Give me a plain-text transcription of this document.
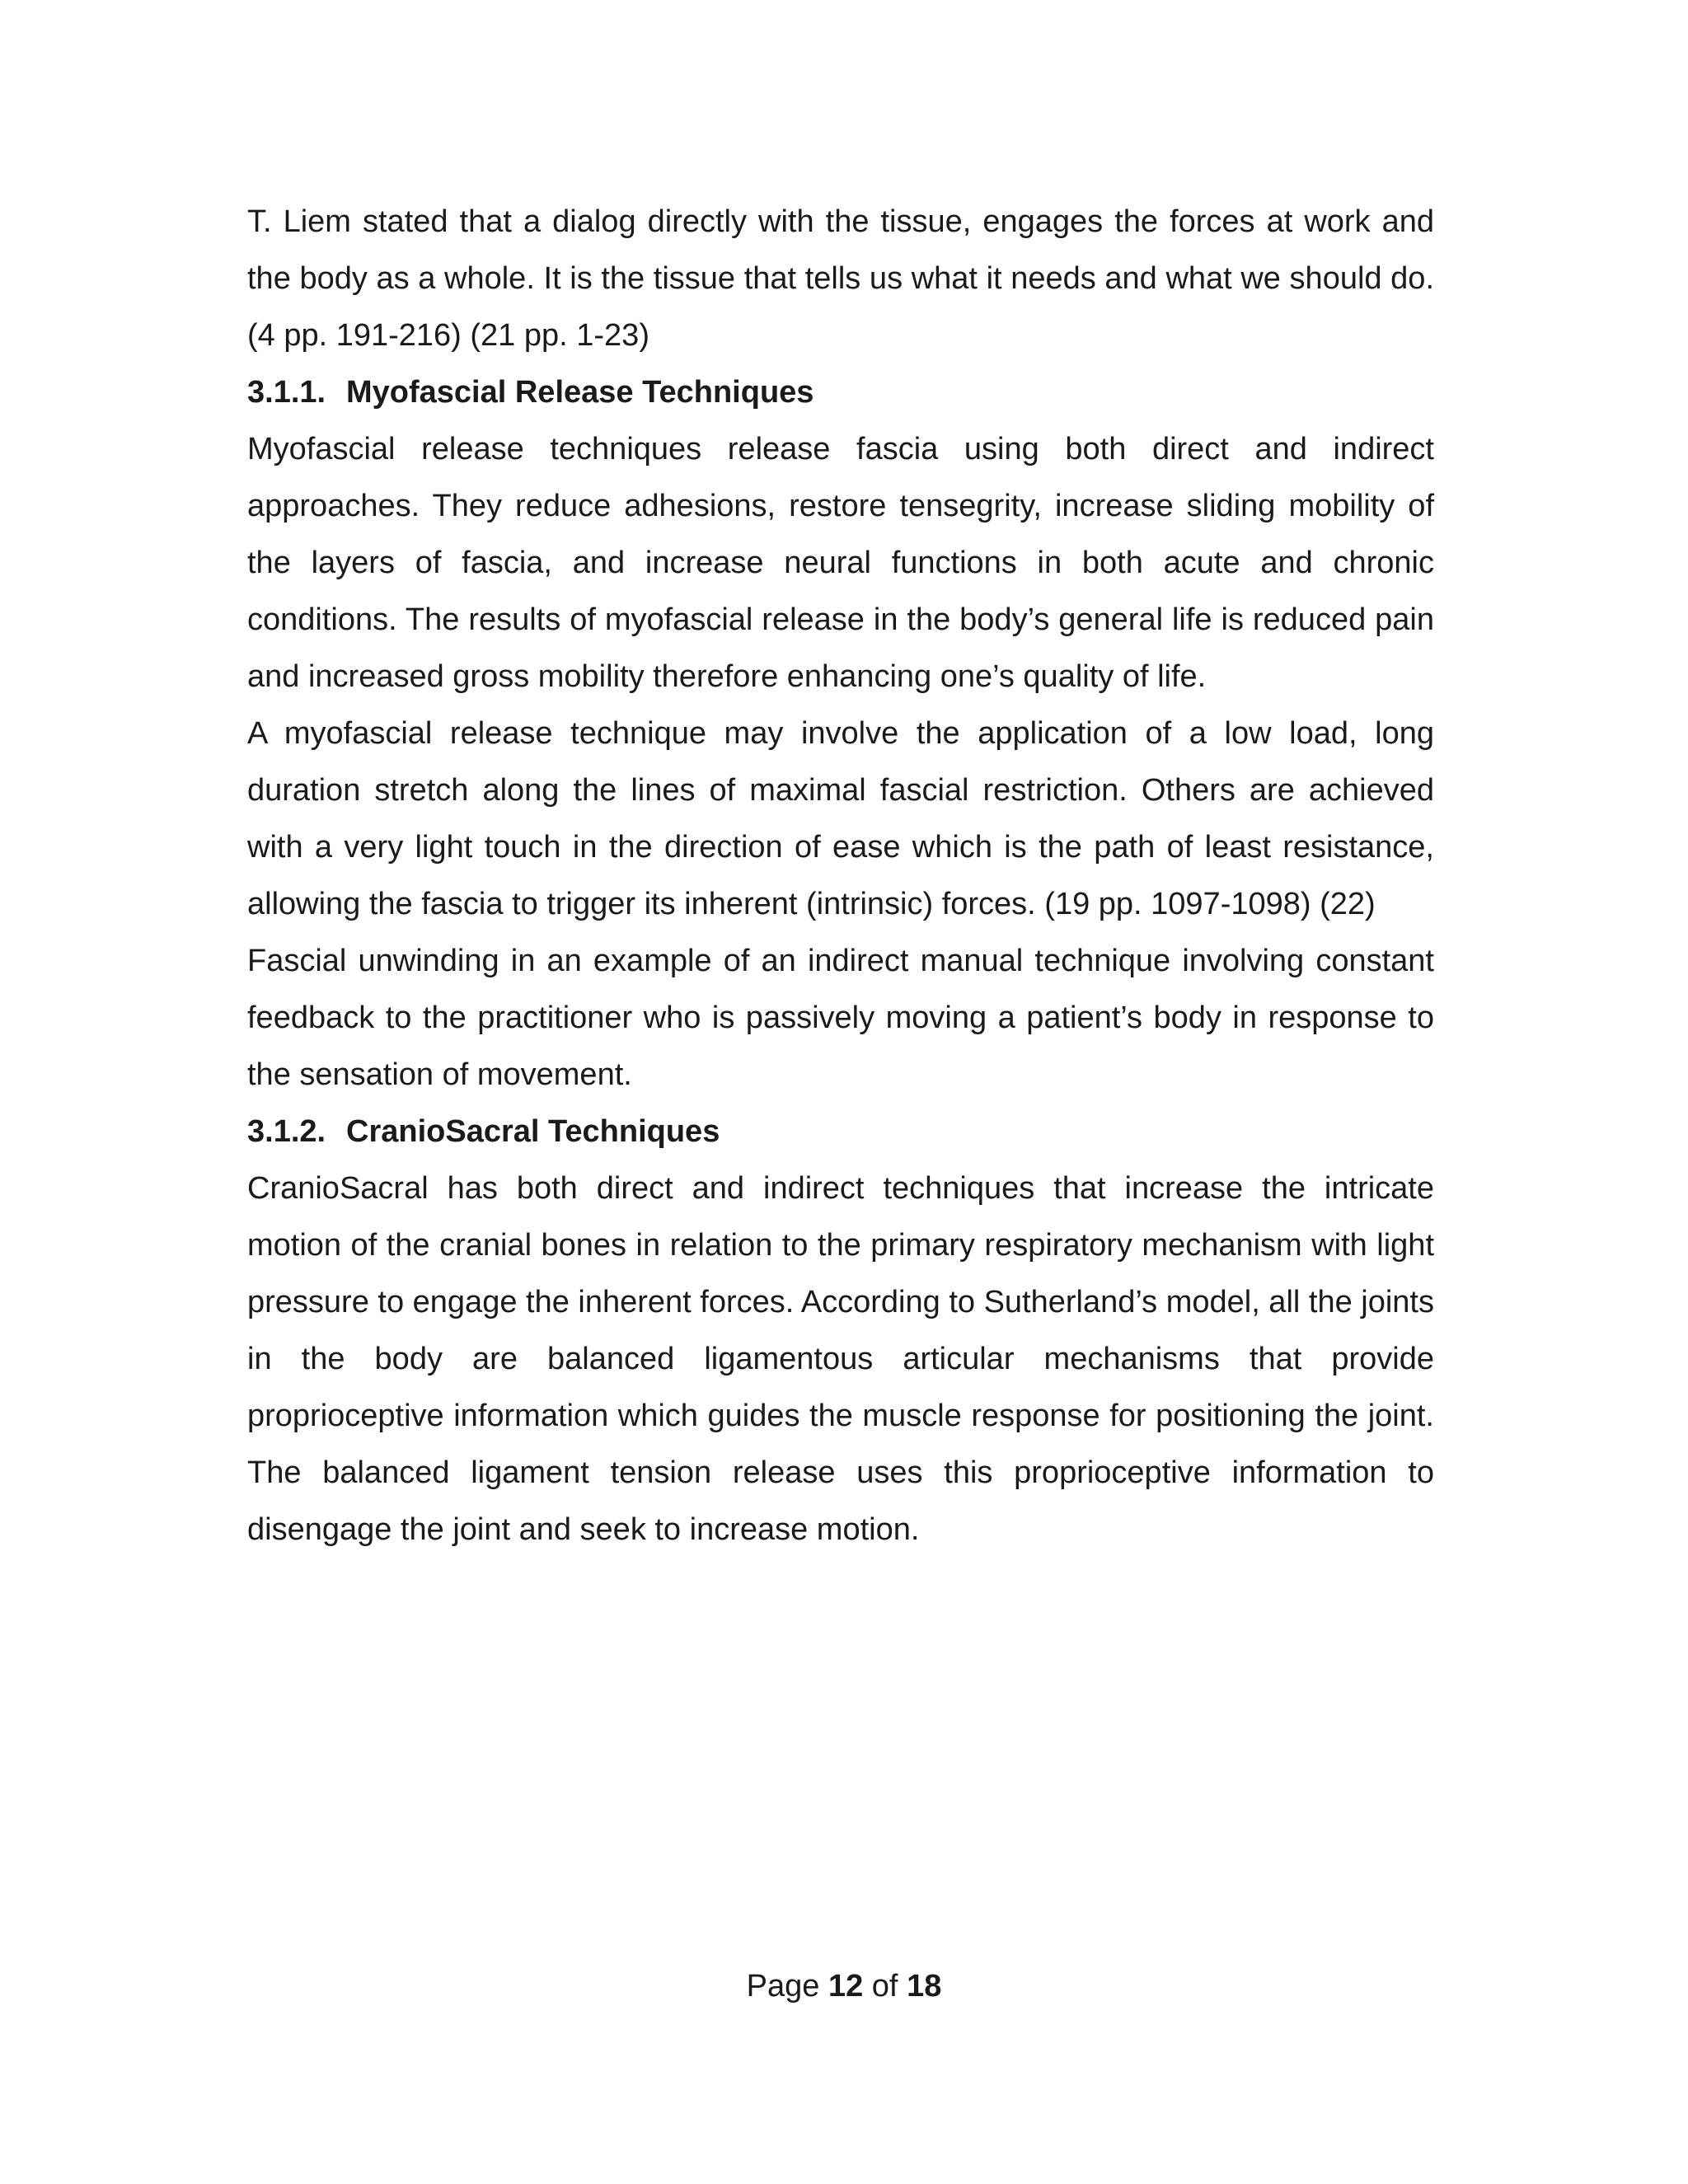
T. Liem stated that a dialog directly with the tissue, engages the forces at work and the body as a whole. It is the tissue that tells us what it needs and what we should do. (4 pp. 191-216) (21 pp. 1-23)

3.1.1. Myofascial Release Techniques

Myofascial release techniques release fascia using both direct and indirect approaches. They reduce adhesions, restore tensegrity, increase sliding mobility of the layers of fascia, and increase neural functions in both acute and chronic conditions. The results of myofascial release in the body’s general life is reduced pain and increased gross mobility therefore enhancing one’s quality of life.

A myofascial release technique may involve the application of a low load, long duration stretch along the lines of maximal fascial restriction. Others are achieved with a very light touch in the direction of ease which is the path of least resistance, allowing the fascia to trigger its inherent (intrinsic) forces. (19 pp. 1097-1098) (22)

Fascial unwinding in an example of an indirect manual technique involving constant feedback to the practitioner who is passively moving a patient’s body in response to the sensation of movement.

3.1.2. CranioSacral Techniques

CranioSacral has both direct and indirect techniques that increase the intricate motion of the cranial bones in relation to the primary respiratory mechanism with light pressure to engage the inherent forces. According to Sutherland’s model, all the joints in the body are balanced ligamentous articular mechanisms that provide proprioceptive information which guides the muscle response for positioning the joint. The balanced ligament tension release uses this proprioceptive information to disengage the joint and seek to increase motion.

Page 12 of 18
